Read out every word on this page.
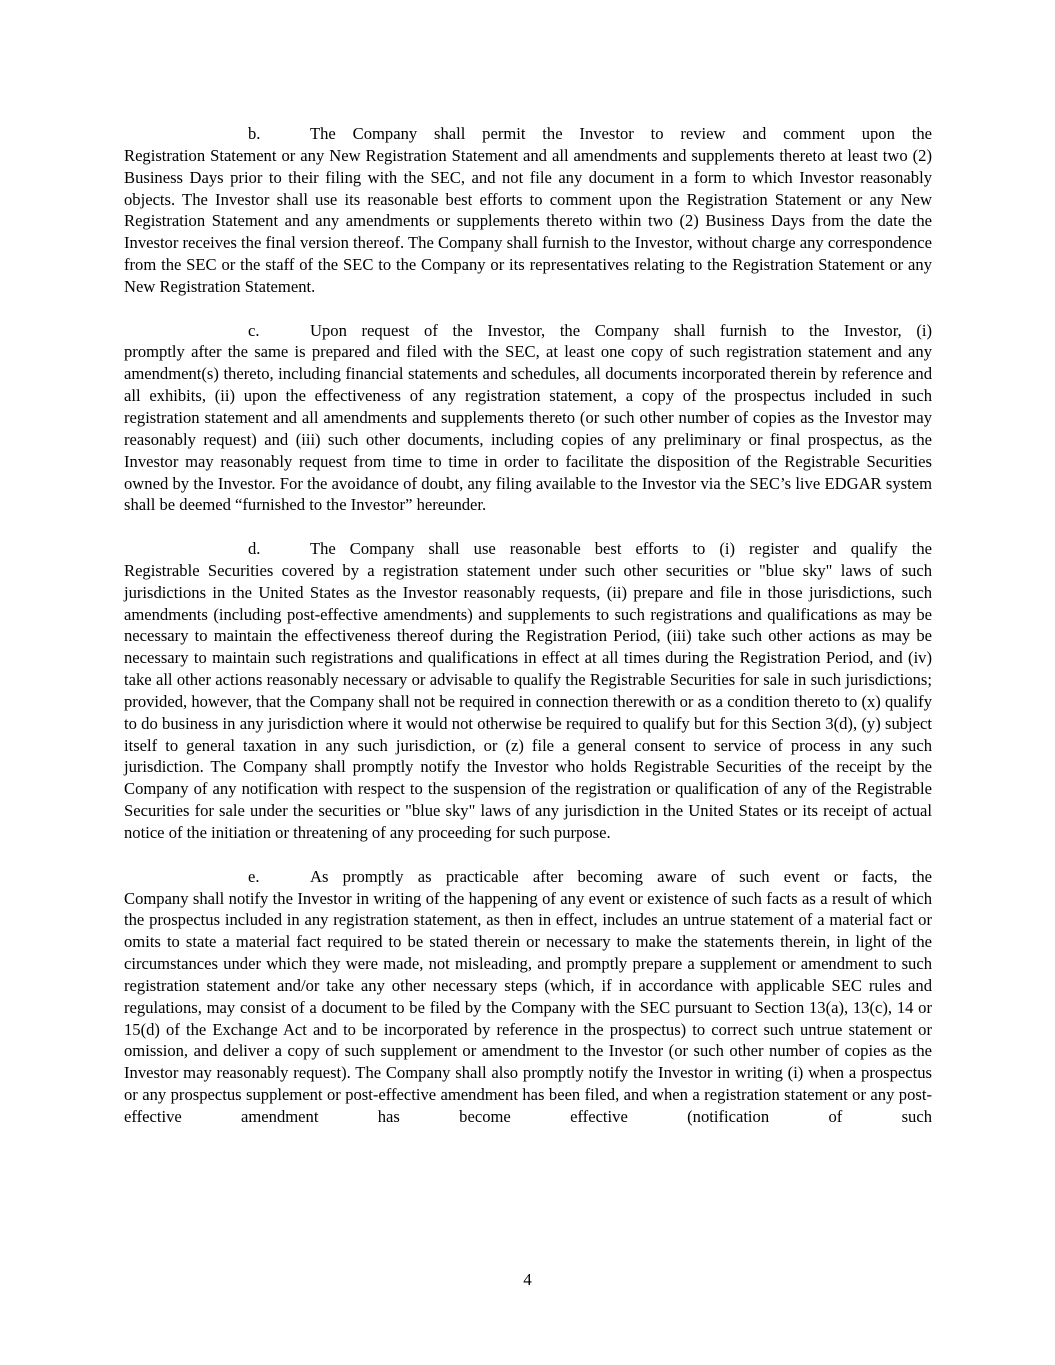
b.	The Company shall permit the Investor to review and comment upon the
Registration Statement or any New Registration Statement and all amendments and supplements thereto at least two (2) Business Days prior to their filing with the SEC, and not file any document in a form to which Investor reasonably objects. The Investor shall use its reasonable best efforts to comment upon the Registration Statement or any New Registration Statement and any amendments or supplements thereto within two (2) Business Days from the date the Investor receives the final version thereof. The Company shall furnish to the Investor, without charge any correspondence from the SEC or the staff of the SEC to the Company or its representatives relating to the Registration Statement or any New Registration Statement.

c.	Upon request of the Investor, the Company shall furnish to the Investor, (i)
promptly after the same is prepared and filed with the SEC, at least one copy of such registration statement and any amendment(s) thereto, including financial statements and schedules, all documents incorporated therein by reference and all exhibits, (ii) upon the effectiveness of any registration statement, a copy of the prospectus included in such registration statement and all amendments and supplements thereto (or such other number of copies as the Investor may reasonably request) and (iii) such other documents, including copies of any preliminary or final prospectus, as the Investor may reasonably request from time to time in order to facilitate the disposition of the Registrable Securities owned by the Investor. For the avoidance of doubt, any filing available to the Investor via the SEC’s live EDGAR system shall be deemed “furnished to the Investor” hereunder.

d.	The Company shall use reasonable best efforts to (i) register and qualify the
Registrable Securities covered by a registration statement under such other securities or "blue sky" laws of such jurisdictions in the United States as the Investor reasonably requests, (ii) prepare and file in those jurisdictions, such amendments (including post-effective amendments) and supplements to such registrations and qualifications as may be necessary to maintain the effectiveness thereof during the Registration Period, (iii) take such other actions as may be necessary to maintain such registrations and qualifications in effect at all times during the Registration Period, and (iv) take all other actions reasonably necessary or advisable to qualify the Registrable Securities for sale in such jurisdictions; provided, however, that the Company shall not be required in connection therewith or as a condition thereto to (x) qualify to do business in any jurisdiction where it would not otherwise be required to qualify but for this Section 3(d), (y) subject itself to general taxation in any such jurisdiction, or (z) file a general consent to service of process in any such jurisdiction. The Company shall promptly notify the Investor who holds Registrable Securities of the receipt by the Company of any notification with respect to the suspension of the registration or qualification of any of the Registrable Securities for sale under the securities or "blue sky" laws of any jurisdiction in the United States or its receipt of actual notice of the initiation or threatening of any proceeding for such purpose.

e.	As promptly as practicable after becoming aware of such event or facts, the
Company shall notify the Investor in writing of the happening of any event or existence of such facts as a result of which the prospectus included in any registration statement, as then in effect, includes an untrue statement of a material fact or omits to state a material fact required to be stated therein or necessary to make the statements therein, in light of the circumstances under which they were made, not misleading, and promptly prepare a supplement or amendment to such registration statement and/or take any other necessary steps (which, if in accordance with applicable SEC rules and regulations, may consist of a document to be filed by the Company with the SEC pursuant to Section 13(a), 13(c), 14 or 15(d) of the Exchange Act and to be incorporated by reference in the prospectus) to correct such untrue statement or omission, and deliver a copy of such supplement or amendment to the Investor (or such other number of copies as the Investor may reasonably request). The Company shall also promptly notify the Investor in writing (i) when a prospectus or any prospectus supplement or post-effective amendment has been filed, and when a registration statement or any post-effective amendment has become effective (notification of such

4
